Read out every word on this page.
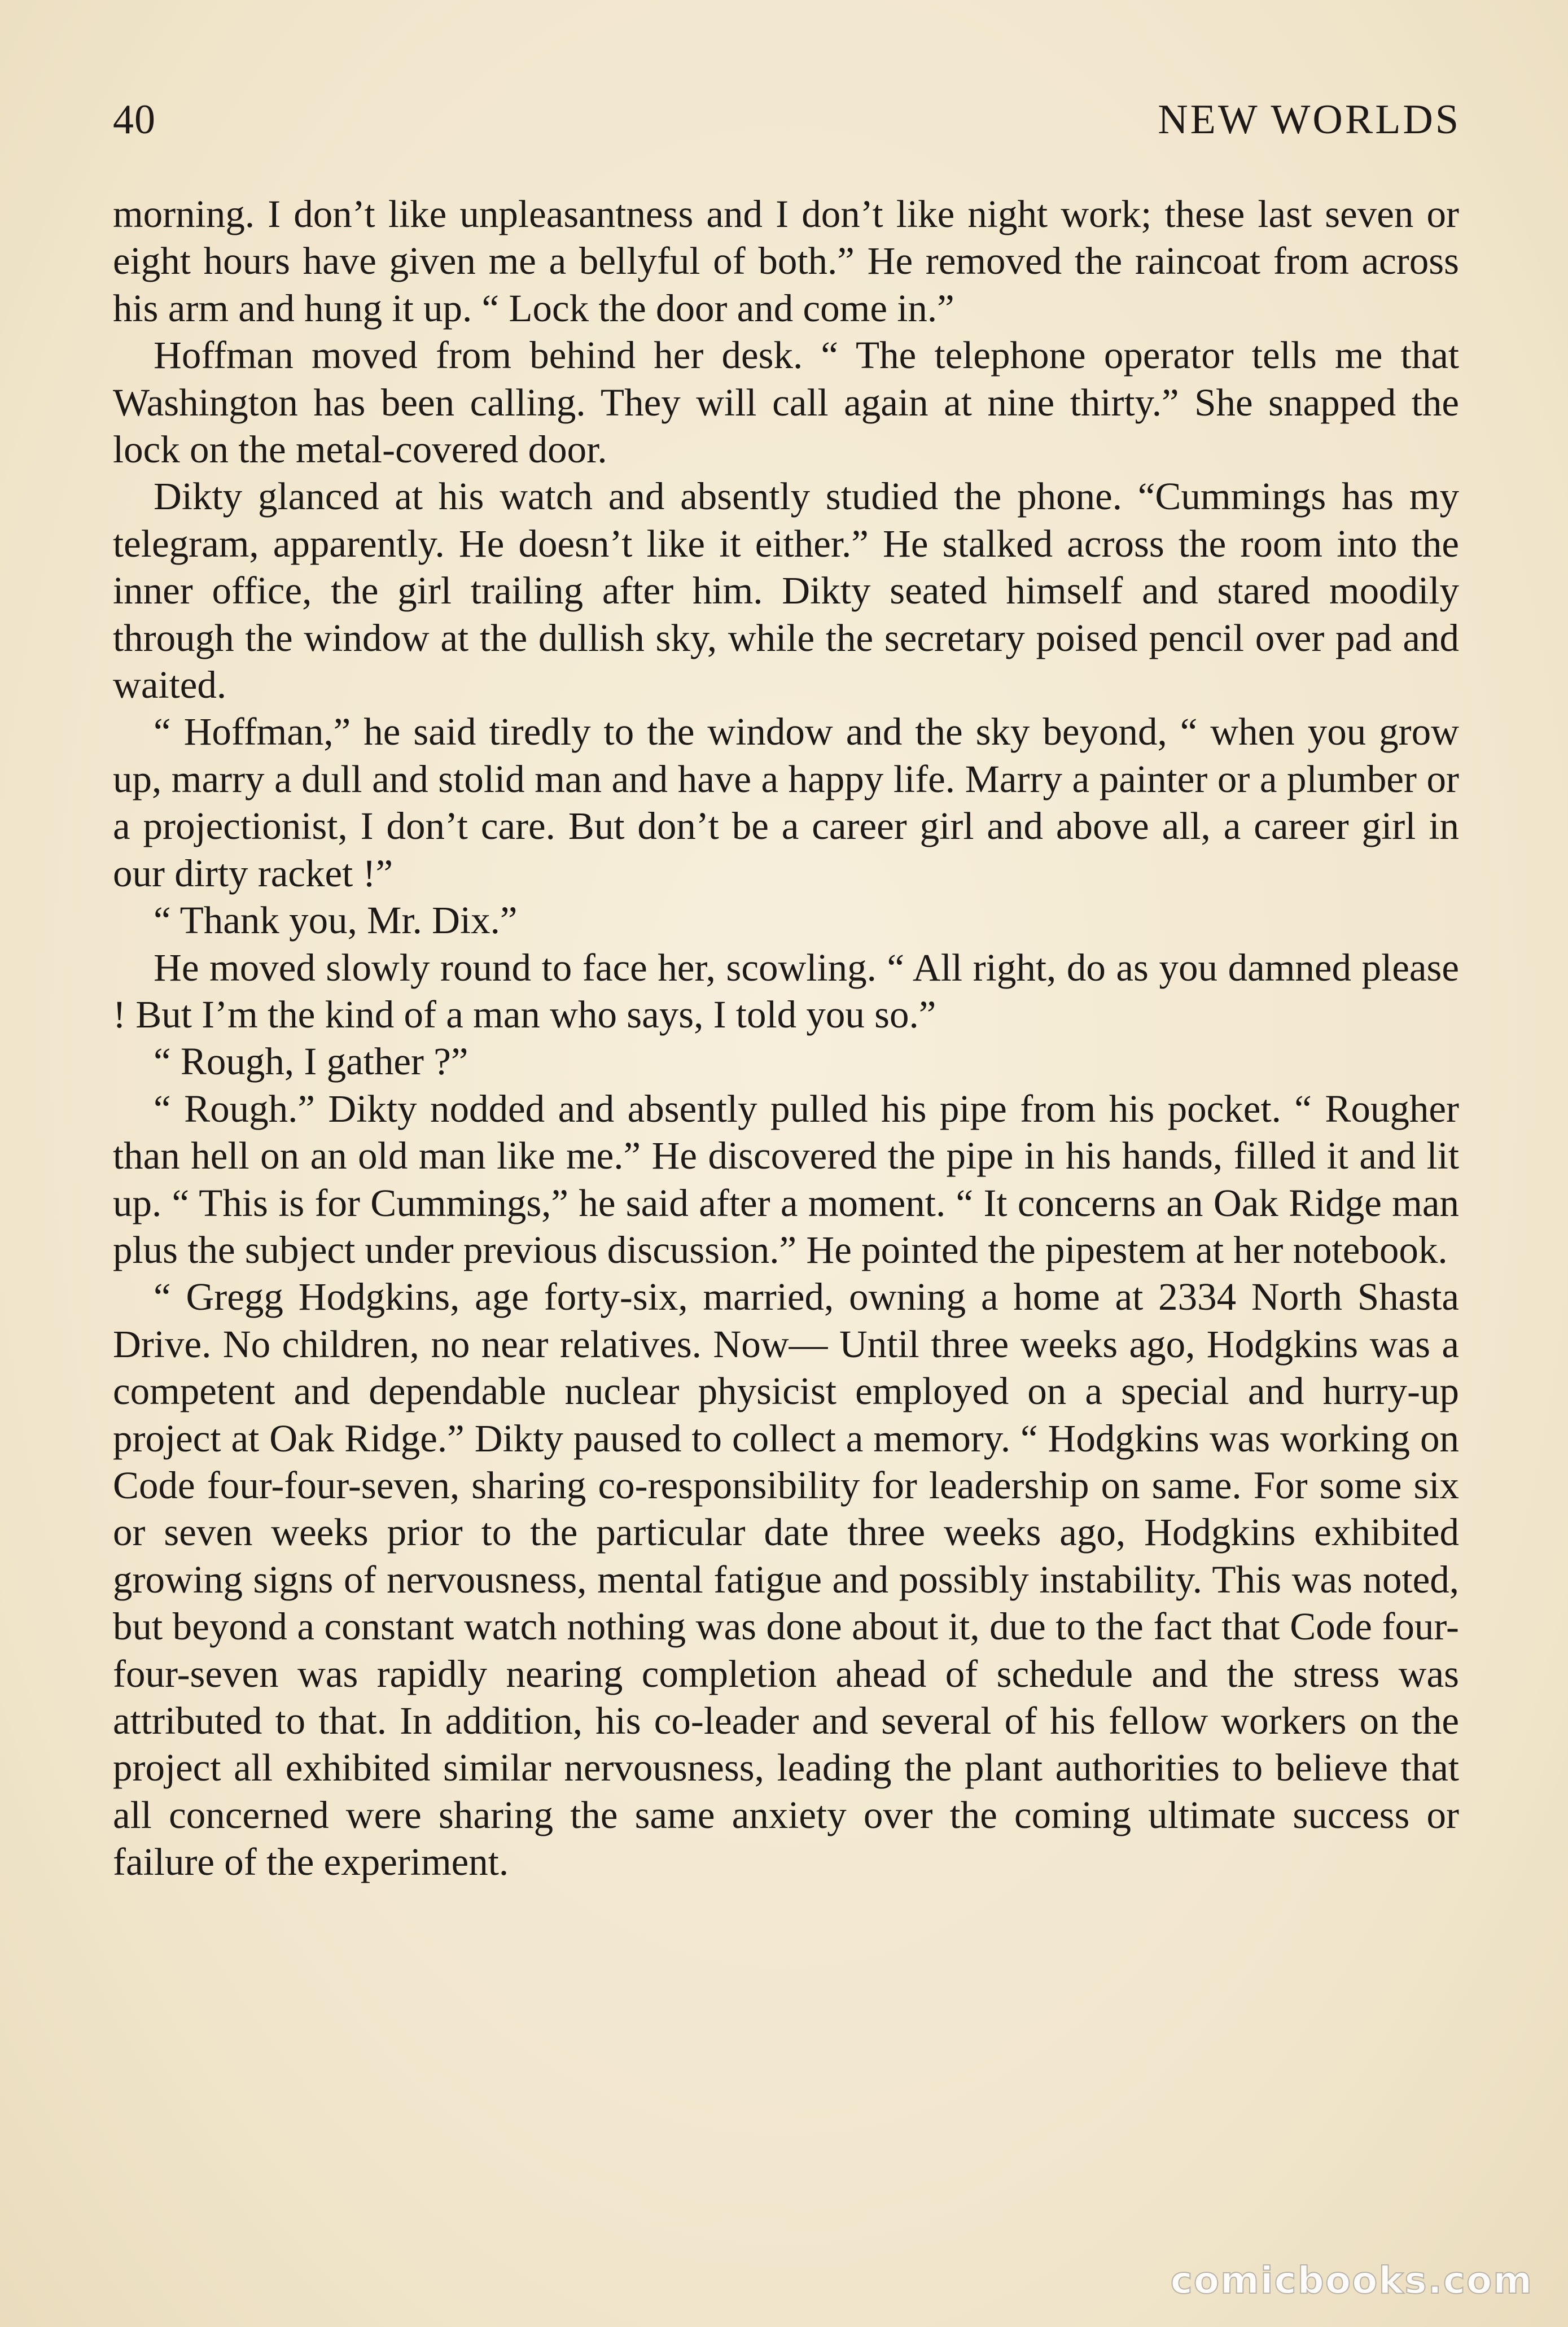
40	NEW WORLDS

morning. I don’t like unpleasantness and I don’t like night work; these last seven or eight hours have given me a bellyful of both.” He removed the raincoat from across his arm and hung it up. “ Lock the door and come in.”

Hoffman moved from behind her desk. “ The telephone operator tells me that Washington has been calling. They will call again at nine thirty.” She snapped the lock on the metal-covered door.

Dikty glanced at his watch and absently studied the phone. “Cummings has my telegram, apparently. He doesn’t like it either.” He stalked across the room into the inner office, the girl trailing after him. Dikty seated himself and stared moodily through the window at the dullish sky, while the secretary poised pencil over pad and waited.

“ Hoffman,” he said tiredly to the window and the sky beyond, “ when you grow up, marry a dull and stolid man and have a happy life. Marry a painter or a plumber or a projectionist, I don’t care. But don’t be a career girl and above all, a career girl in our dirty racket !”

“ Thank you, Mr. Dix.”

He moved slowly round to face her, scowling. “ All right, do as you damned please ! But I’m the kind of a man who says, I told you so.”

“ Rough, I gather ?”

“ Rough.” Dikty nodded and absently pulled his pipe from his pocket. “ Rougher than hell on an old man like me.” He discovered the pipe in his hands, filled it and lit up. “ This is for Cummings,” he said after a moment. “ It concerns an Oak Ridge man plus the subject under previous discussion.” He pointed the pipestem at her notebook.

“ Gregg Hodgkins, age forty-six, married, owning a home at 2334 North Shasta Drive. No children, no near relatives. Now— Until three weeks ago, Hodgkins was a competent and dependable nuclear physicist employed on a special and hurry-up project at Oak Ridge.” Dikty paused to collect a memory. “ Hodgkins was working on Code four-four-seven, sharing co-responsibility for leadership on same. For some six or seven weeks prior to the particular date three weeks ago, Hodgkins exhibited growing signs of nervousness, mental fatigue and possibly instability. This was noted, but beyond a constant watch nothing was done about it, due to the fact that Code four-four-seven was rapidly nearing completion ahead of schedule and the stress was attributed to that. In addition, his co-leader and several of his fellow workers on the project all exhibited similar nervousness, leading the plant authorities to believe that all concerned were sharing the same anxiety over the coming ultimate success or failure of the experiment.

comicbooks.com
